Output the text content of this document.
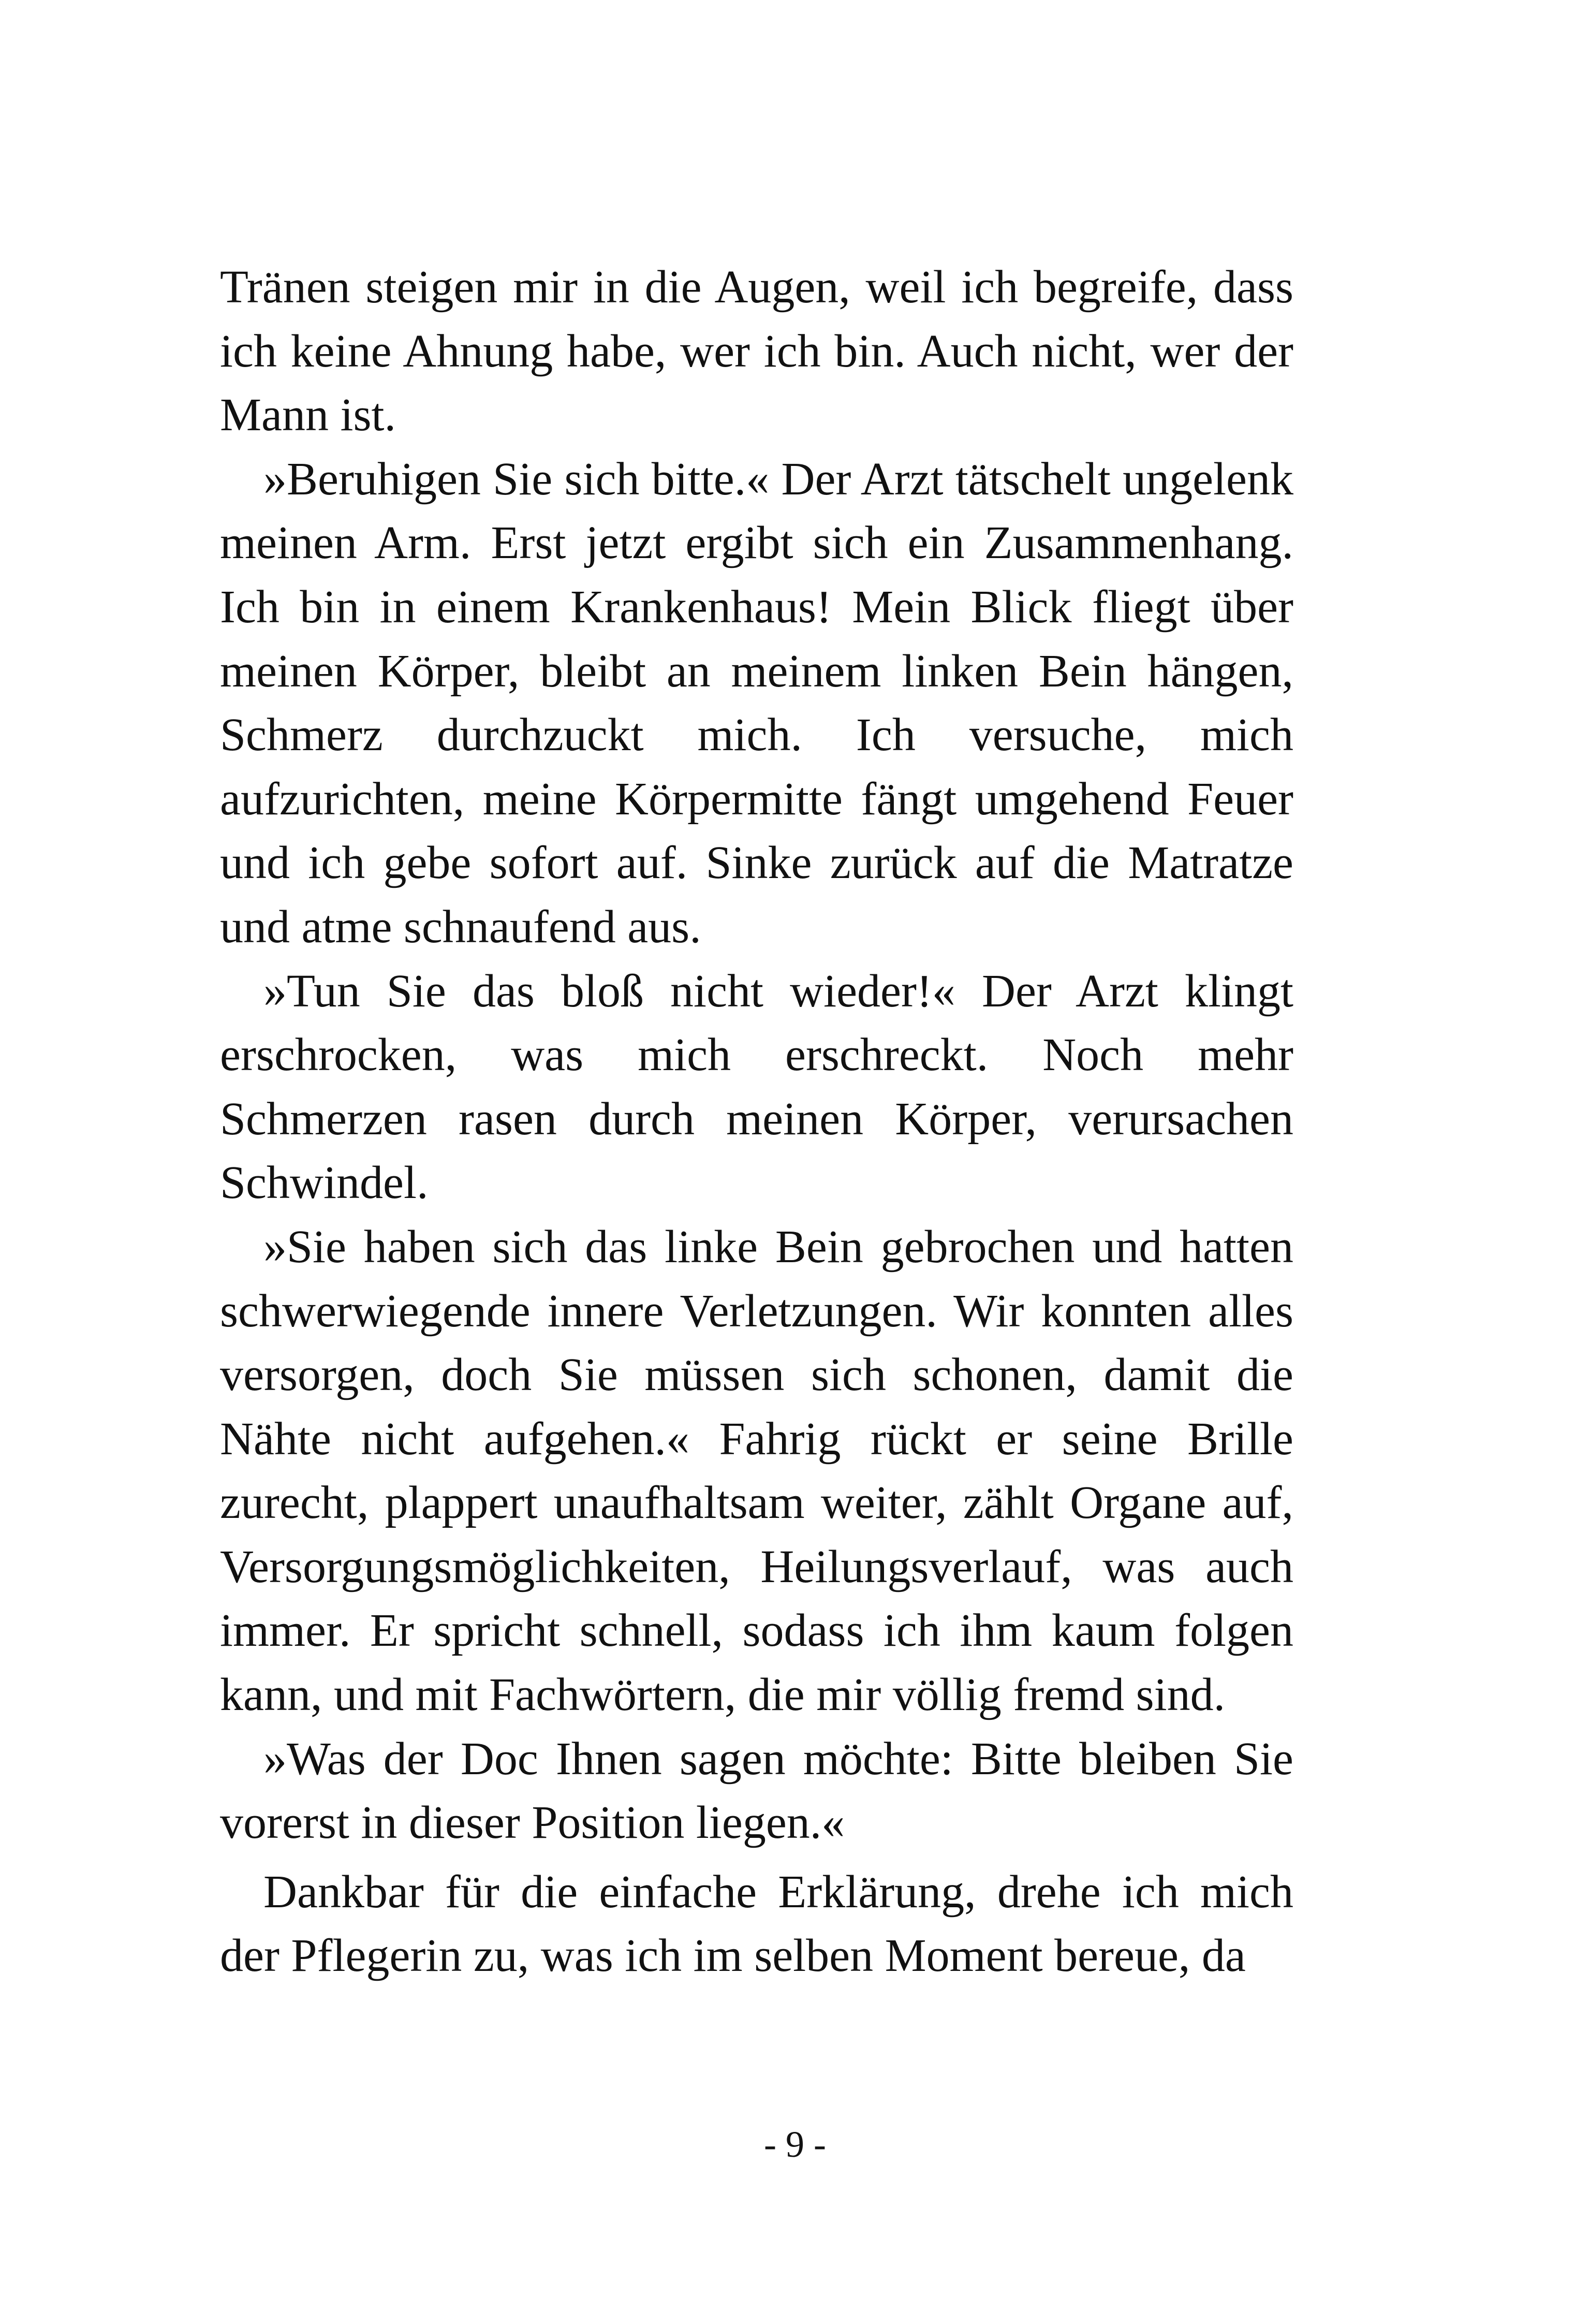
Tränen steigen mir in die Augen, weil ich begreife, dass ich keine Ahnung habe, wer ich bin. Auch nicht, wer der Mann ist.

»Beruhigen Sie sich bitte.« Der Arzt tätschelt ungelenk meinen Arm. Erst jetzt ergibt sich ein Zusammenhang. Ich bin in einem Krankenhaus! Mein Blick fliegt über meinen Körper, bleibt an meinem linken Bein hängen, Schmerz durchzuckt mich. Ich versuche, mich aufzurichten, meine Körpermitte fängt umgehend Feuer und ich gebe sofort auf. Sinke zurück auf die Matratze und atme schnaufend aus.

»Tun Sie das bloß nicht wieder!« Der Arzt klingt erschrocken, was mich erschreckt. Noch mehr Schmerzen rasen durch meinen Körper, verursachen Schwindel.

»Sie haben sich das linke Bein gebrochen und hatten schwerwiegende innere Verletzungen. Wir konnten alles versorgen, doch Sie müssen sich schonen, damit die Nähte nicht aufgehen.« Fahrig rückt er seine Brille zurecht, plappert unaufhaltsam weiter, zählt Organe auf, Versorgungsmöglichkeiten, Heilungsverlauf, was auch immer. Er spricht schnell, sodass ich ihm kaum folgen kann, und mit Fachwörtern, die mir völlig fremd sind.

»Was der Doc Ihnen sagen möchte: Bitte bleiben Sie vorerst in dieser Position liegen.«

Dankbar für die einfache Erklärung, drehe ich mich der Pflegerin zu, was ich im selben Moment bereue, da

- 9 -
